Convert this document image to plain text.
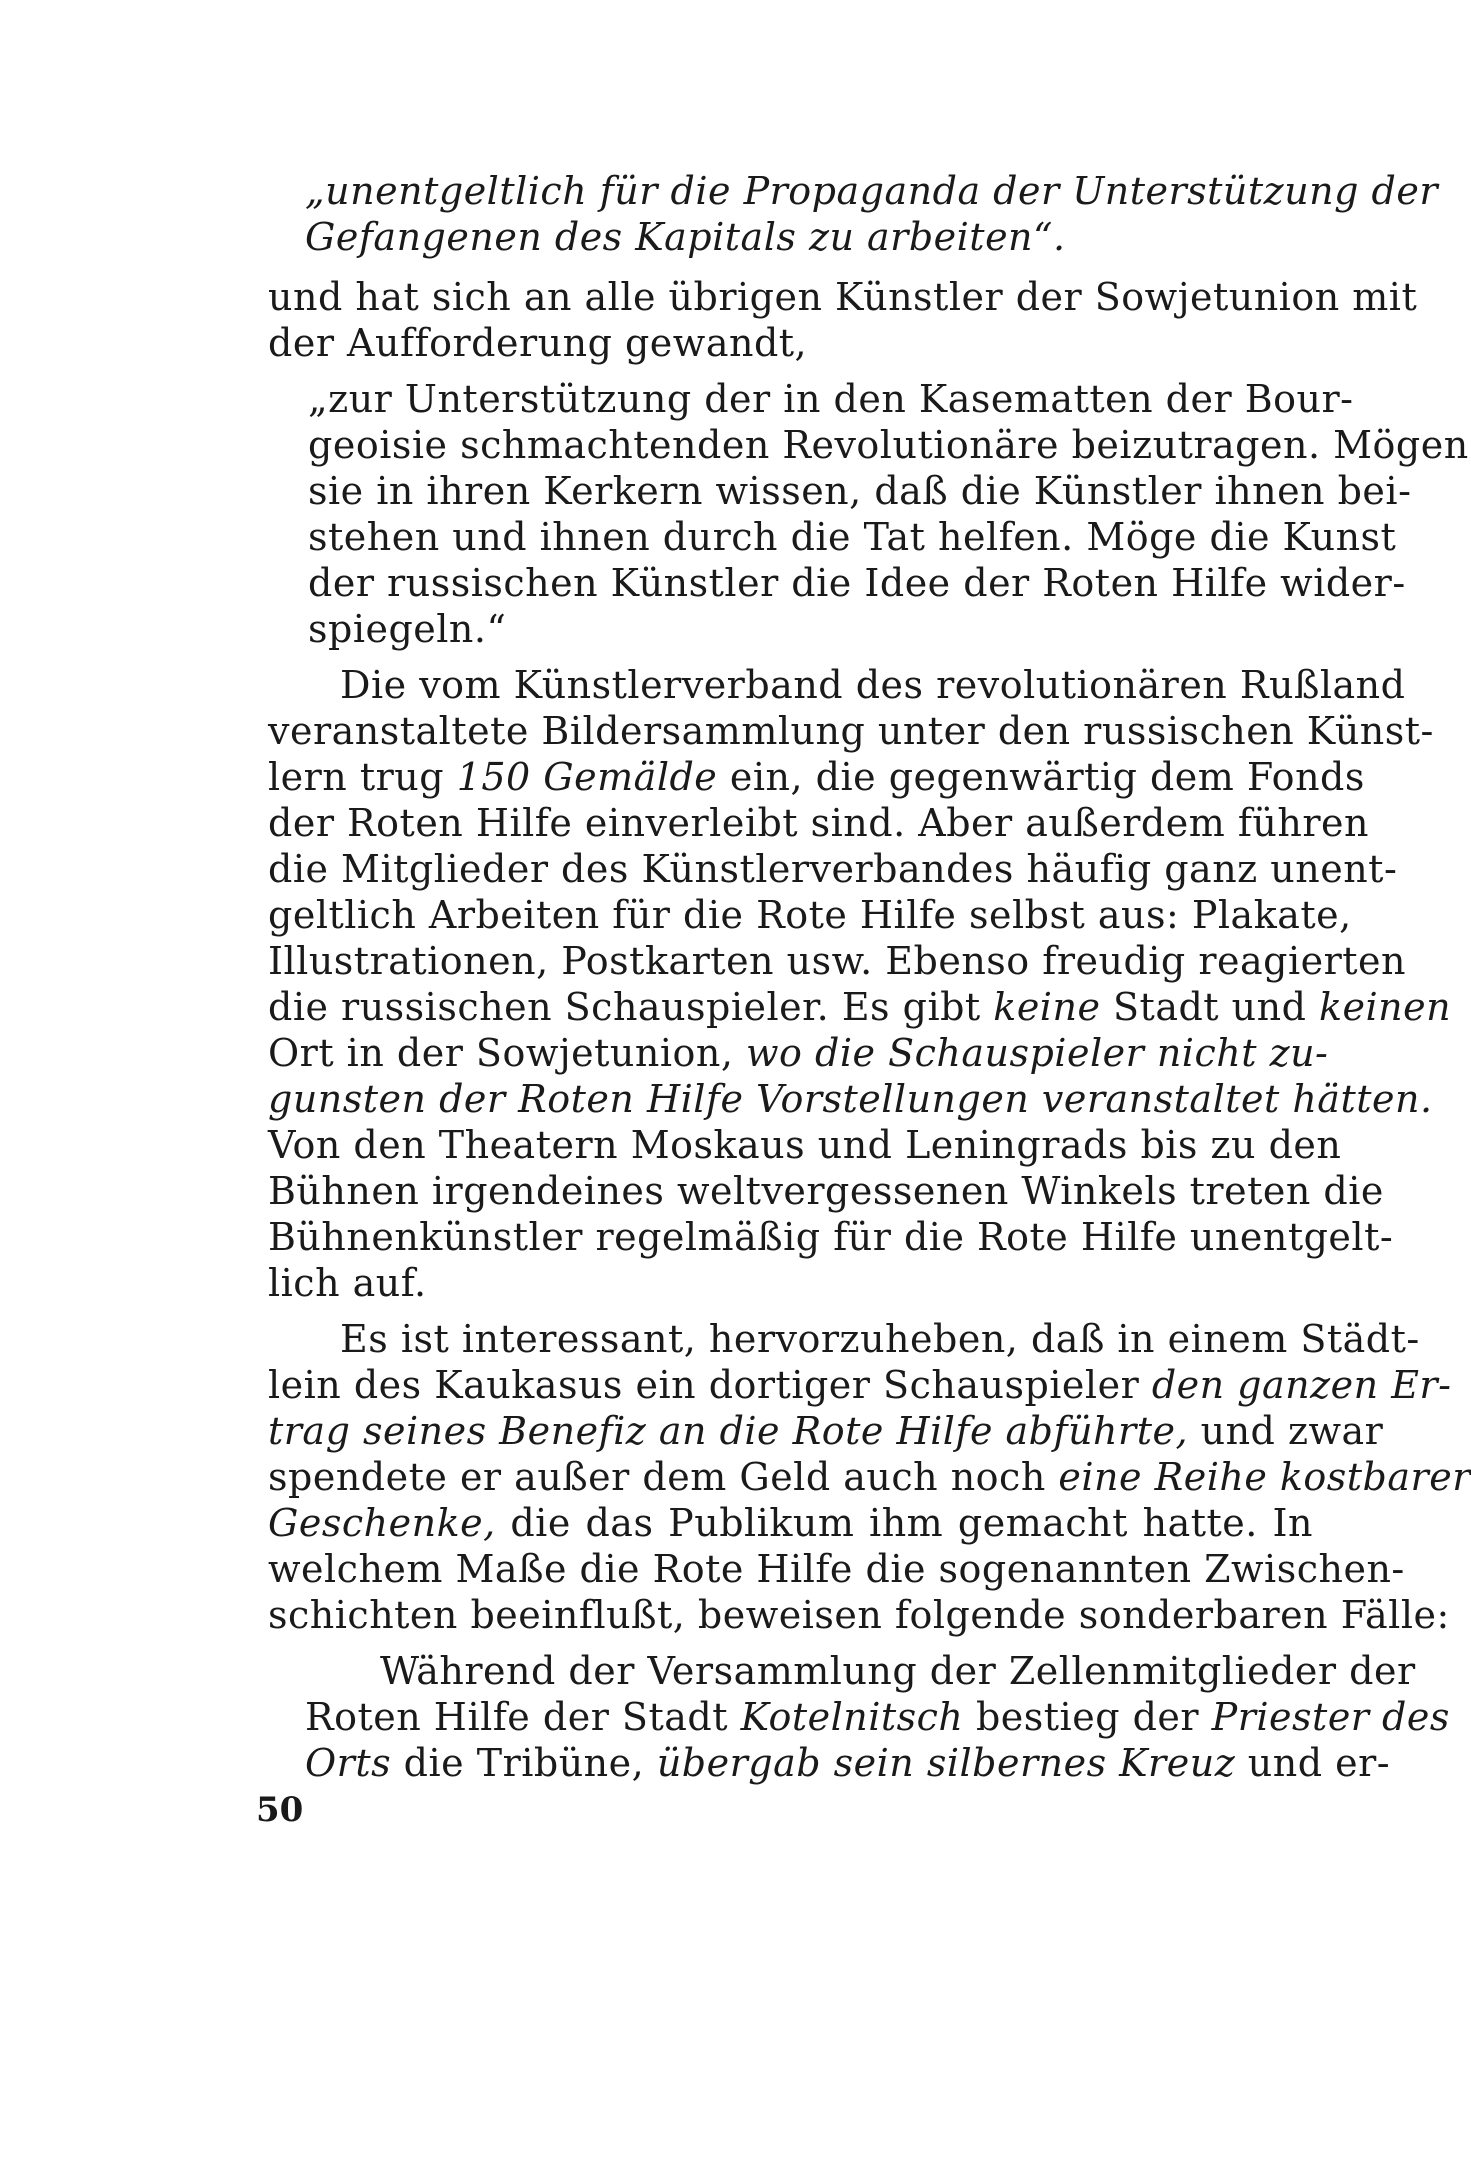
„unentgeltlich für die Propaganda der Unterstützung der
Gefangenen des Kapitals zu arbeiten“.
und hat sich an alle übrigen Künstler der Sowjetunion mit
der Aufforderung gewandt,
„zur Unterstützung der in den Kasematten der Bour-
geoisie schmachtenden Revolutionäre beizutragen. Mögen
sie in ihren Kerkern wissen, daß die Künstler ihnen bei-
stehen und ihnen durch die Tat helfen. Möge die Kunst
der russischen Künstler die Idee der Roten Hilfe wider-
spiegeln.“
Die vom Künstlerverband des revolutionären Rußland
veranstaltete Bildersammlung unter den russischen Künst-
lern trug 150 Gemälde ein, die gegenwärtig dem Fonds
der Roten Hilfe einverleibt sind. Aber außerdem führen
die Mitglieder des Künstlerverbandes häufig ganz unent-
geltlich Arbeiten für die Rote Hilfe selbst aus: Plakate,
Illustrationen, Postkarten usw. Ebenso freudig reagierten
die russischen Schauspieler. Es gibt keine Stadt und keinen
Ort in der Sowjetunion, wo die Schauspieler nicht zu-
gunsten der Roten Hilfe Vorstellungen veranstaltet hätten.
Von den Theatern Moskaus und Leningrads bis zu den
Bühnen irgendeines weltvergessenen Winkels treten die
Bühnenkünstler regelmäßig für die Rote Hilfe unentgelt-
lich auf.
Es ist interessant, hervorzuheben, daß in einem Städt-
lein des Kaukasus ein dortiger Schauspieler den ganzen Er-
trag seines Benefiz an die Rote Hilfe abführte, und zwar
spendete er außer dem Geld auch noch eine Reihe kostbarer
Geschenke, die das Publikum ihm gemacht hatte. In
welchem Maße die Rote Hilfe die sogenannten Zwischen-
schichten beeinflußt, beweisen folgende sonderbaren Fälle:
Während der Versammlung der Zellenmitglieder der
Roten Hilfe der Stadt Kotelnitsch bestieg der Priester des
Orts die Tribüne, übergab sein silbernes Kreuz und er-
50
